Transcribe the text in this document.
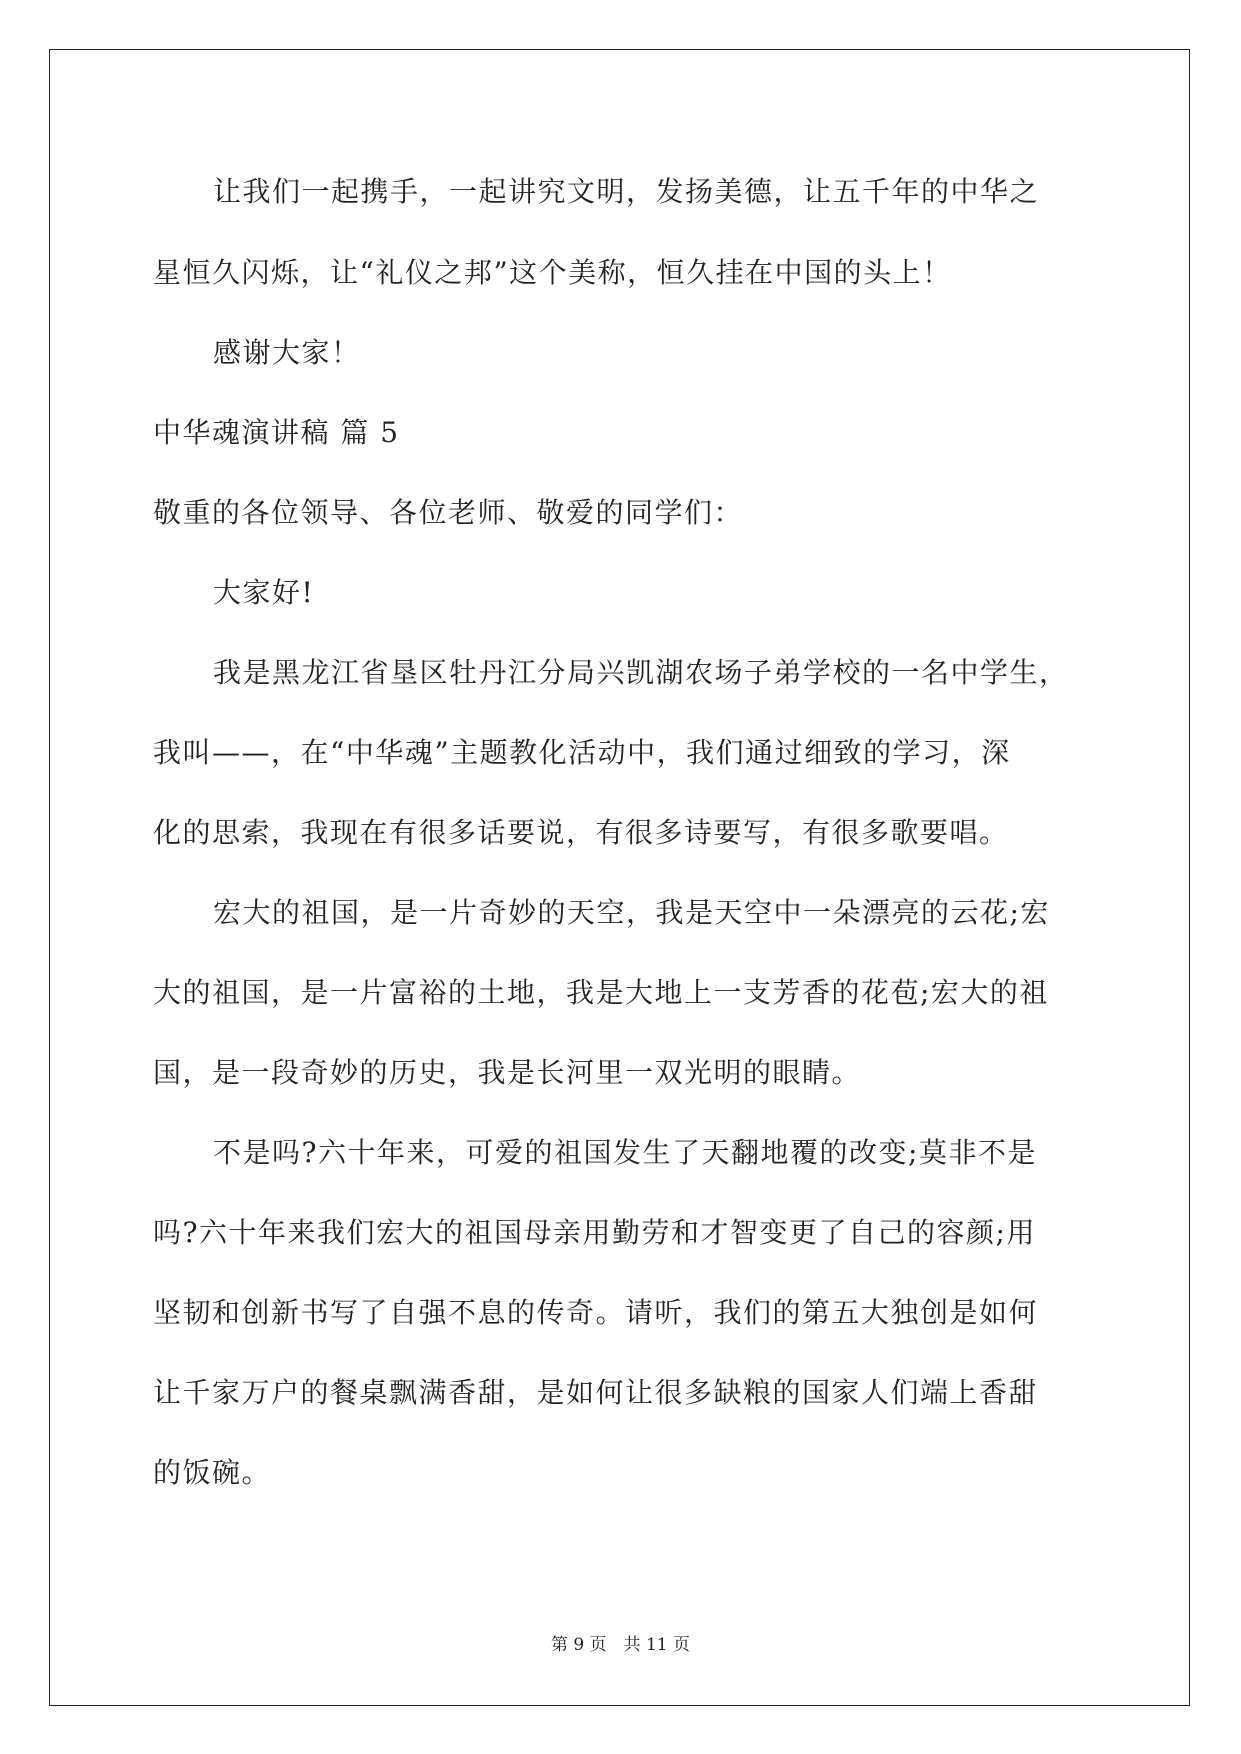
让我们一起携手，一起讲究文明，发扬美德，让五千年的中华之

星恒久闪烁，让“礼仪之邦”这个美称，恒久挂在中国的头上！

感谢大家！

中华魂演讲稿 篇 5

敬重的各位领导、各位老师、敬爱的同学们：

大家好!

我是黑龙江省垦区牡丹江分局兴凯湖农场子弟学校的一名中学生，

我叫——，在“中华魂”主题教化活动中，我们通过细致的学习，深

化的思索，我现在有很多话要说，有很多诗要写，有很多歌要唱。

宏大的祖国，是一片奇妙的天空，我是天空中一朵漂亮的云花;宏

大的祖国，是一片富裕的土地，我是大地上一支芳香的花苞;宏大的祖

国，是一段奇妙的历史，我是长河里一双光明的眼睛。

不是吗?六十年来，可爱的祖国发生了天翻地覆的改变;莫非不是

吗?六十年来我们宏大的祖国母亲用勤劳和才智变更了自己的容颜;用

坚韧和创新书写了自强不息的传奇。请听，我们的第五大独创是如何

让千家万户的餐桌飘满香甜，是如何让很多缺粮的国家人们端上香甜

的饭碗。

第 9 页　共 11 页
